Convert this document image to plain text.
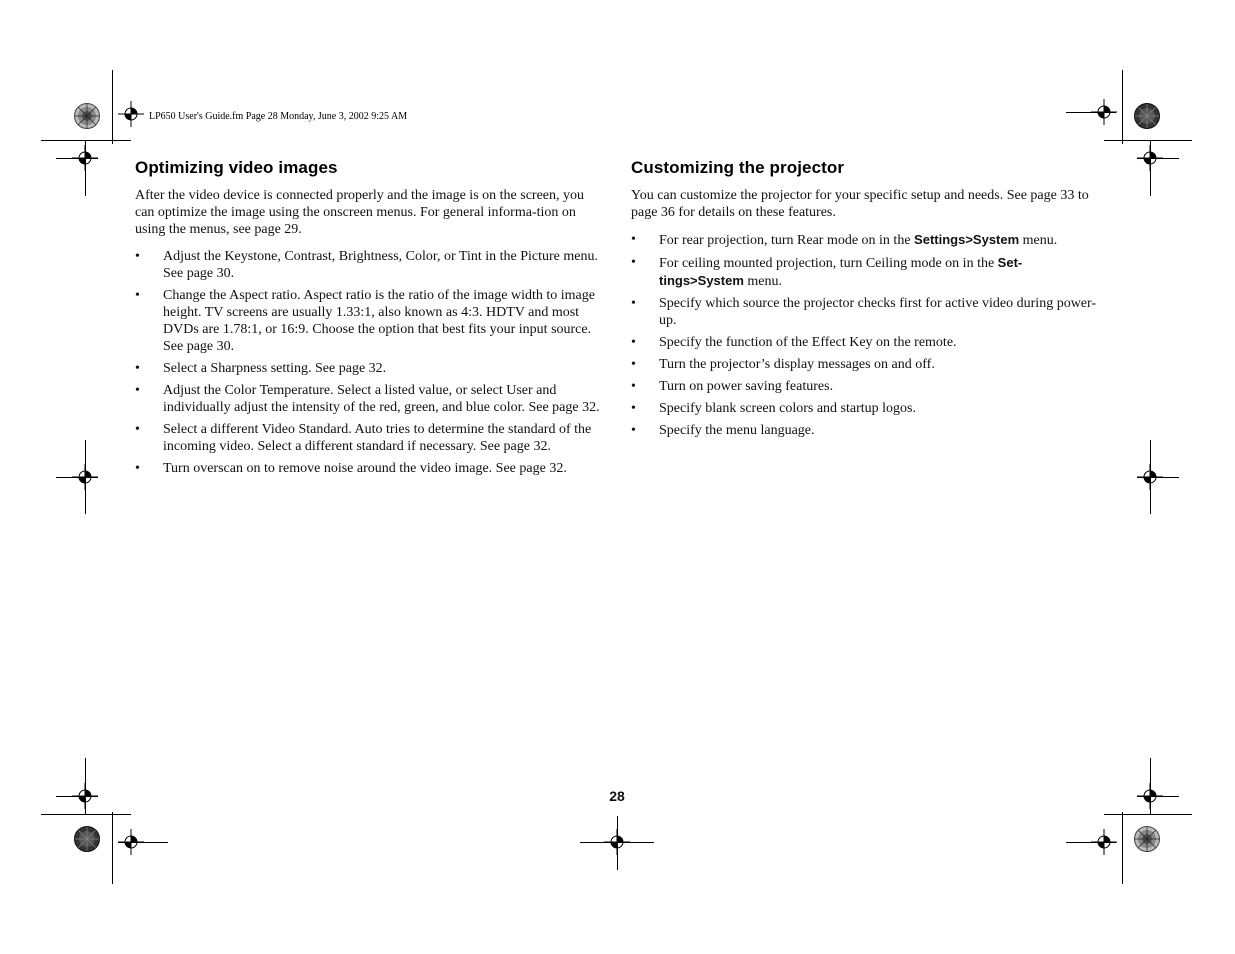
LP650 User's Guide.fm Page 28 Monday, June 3, 2002 9:25 AM
Optimizing video images

After the video device is connected properly and the image is on the screen, you can optimize the image using the onscreen menus. For general informa-tion on using the menus, see page 29.

• Adjust the Keystone, Contrast, Brightness, Color, or Tint in the Picture menu. See page 30.
• Change the Aspect ratio. Aspect ratio is the ratio of the image width to image height. TV screens are usually 1.33:1, also known as 4:3. HDTV and most DVDs are 1.78:1, or 16:9. Choose the option that best fits your input source. See page 30.
• Select a Sharpness setting. See page 32.
• Adjust the Color Temperature. Select a listed value, or select User and individually adjust the intensity of the red, green, and blue color. See page 32.
• Select a different Video Standard. Auto tries to determine the standard of the incoming video. Select a different standard if necessary. See page 32.
• Turn overscan on to remove noise around the video image. See page 32.
Customizing the projector

You can customize the projector for your specific setup and needs. See page 33 to page 36 for details on these features.

• For rear projection, turn Rear mode on in the Settings>System menu.
• For ceiling mounted projection, turn Ceiling mode on in the Set-tings>System menu.
• Specify which source the projector checks first for active video during power-up.
• Specify the function of the Effect Key on the remote.
• Turn the projector’s display messages on and off.
• Turn on power saving features.
• Specify blank screen colors and startup logos.
• Specify the menu language.
28
